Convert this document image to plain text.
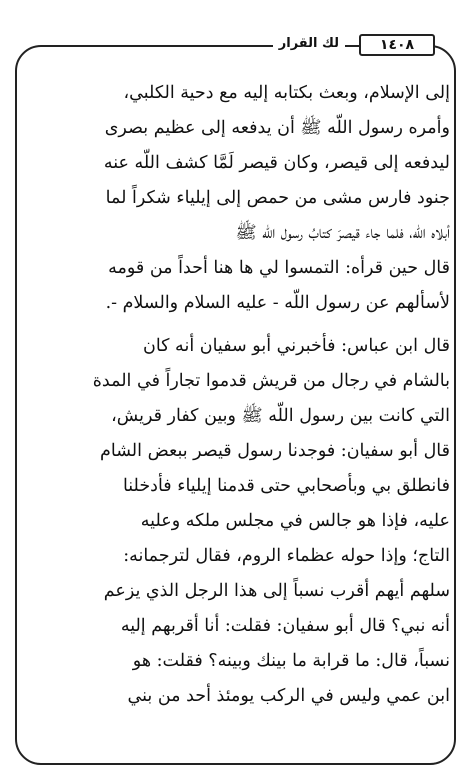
١٤٠٨
لك القرار

إلى الإسلام، وبعث بكتابه إليه مع دحية الكلبي،
وأمره رسول اللّه ﷺ أن يدفعه إلى عظيم بصرى
ليدفعه إلى قيصر، وكان قيصر لَمَّا كشف اللّه عنه
جنود فارس مشى من حمص إلى إيلياء شكراً لما
أبلاه اللّه، فلما جاء قيصرَ كتابُ رسول اللّه ﷺ
قال حين قرأه: التمسوا لي ها هنا أحداً من قومه
لأسألهم عن رسول اللّه - عليه السلام والسلام -.

قال ابن عباس: فأخبرني أبو سفيان أنه كان
بالشام في رجال من قريش قدموا تجاراً في المدة
التي كانت بين رسول اللّه ﷺ وبين كفار قريش،
قال أبو سفيان: فوجدنا رسول قيصر ببعض الشام
فانطلق بي وبأصحابي حتى قدمنا إيلياء فأدخلنا
عليه، فإذا هو جالس في مجلس ملكه وعليه
التاج؛ وإذا حوله عظماء الروم، فقال لترجمانه:
سلهم أيهم أقرب نسباً إلى هذا الرجل الذي يزعم
أنه نبي؟ قال أبو سفيان: فقلت: أنا أقربهم إليه
نسباً، قال: ما قرابة ما بينك وبينه؟ فقلت: هو
ابن عمي وليس في الركب يومئذ أحد من بني
